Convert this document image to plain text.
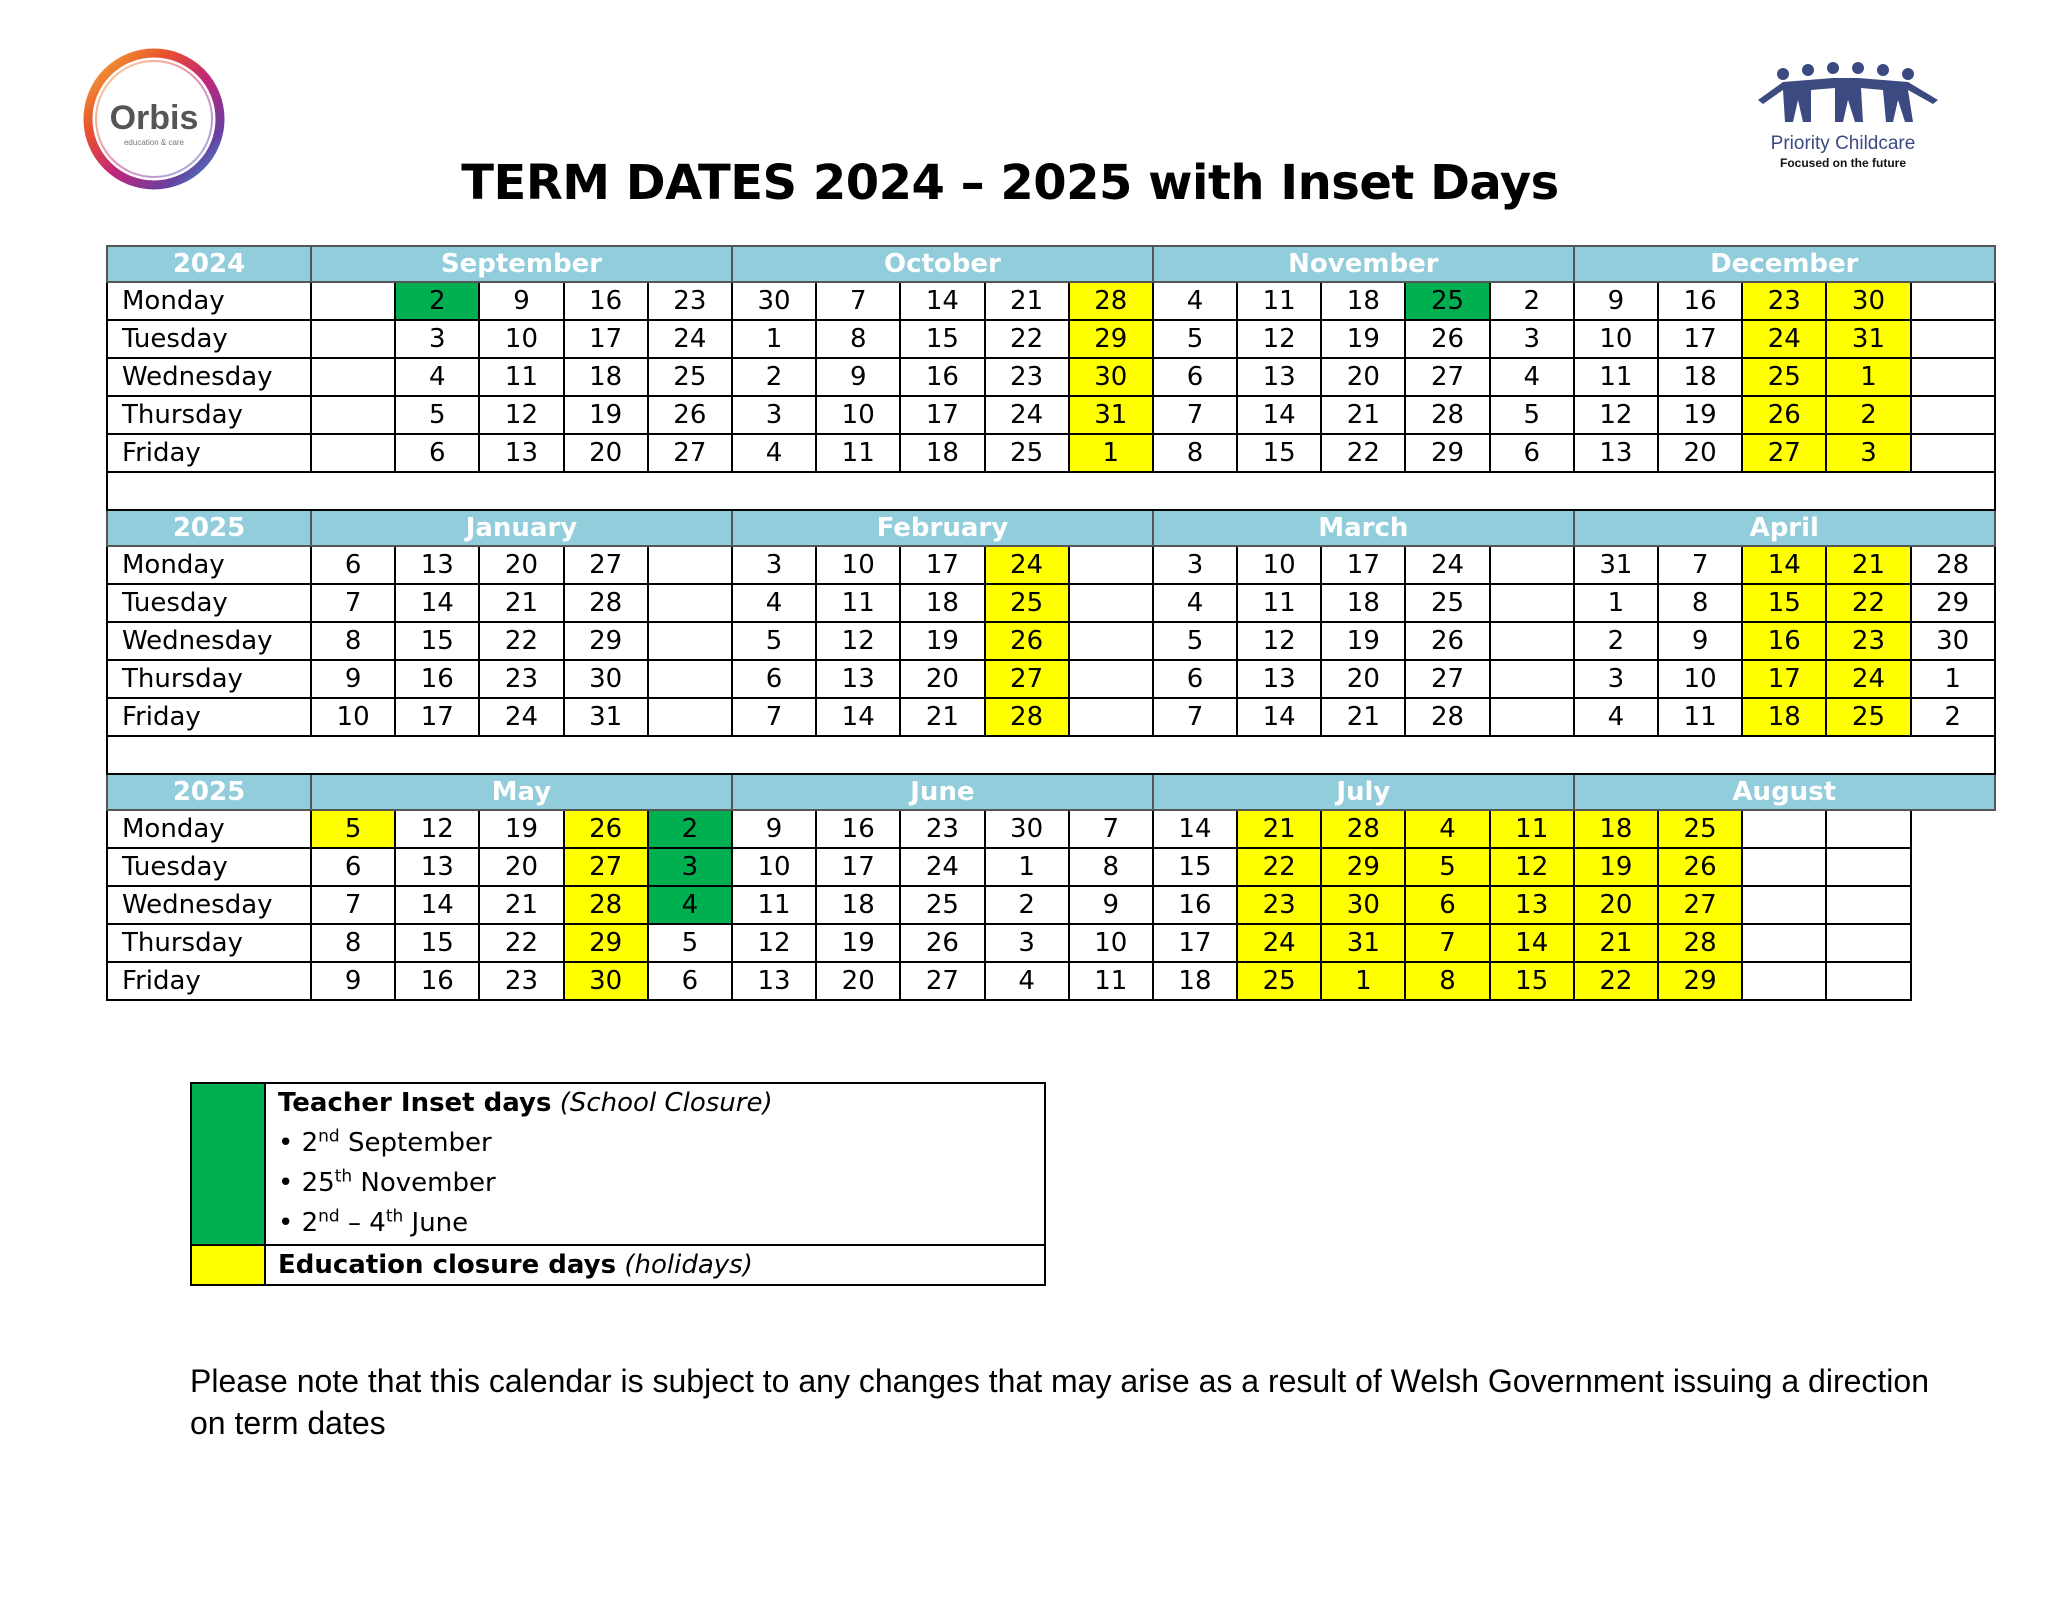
Orbis
education & care	Priority Childcare
Focused on the future
TERM DATES 2024 – 2025 with Inset Days
2024	September					October					November					December				
Monday		2	9	16	23	30	7	14	21	28	4	11	18	25	2	9	16	23	30	
Tuesday		3	10	17	24	1	8	15	22	29	5	12	19	26	3	10	17	24	31	
Wednesday		4	11	18	25	2	9	16	23	30	6	13	20	27	4	11	18	25	1	
Thursday		5	12	19	26	3	10	17	24	31	7	14	21	28	5	12	19	26	2	
Friday		6	13	20	27	4	11	18	25	1	8	15	22	29	6	13	20	27	3	

2025	January					February					March					April				
Monday	6	13	20	27		3	10	17	24		3	10	17	24		31	7	14	21	28
Tuesday	7	14	21	28		4	11	18	25		4	11	18	25		1	8	15	22	29
Wednesday	8	15	22	29		5	12	19	26		5	12	19	26		2	9	16	23	30
Thursday	9	16	23	30		6	13	20	27		6	13	20	27		3	10	17	24	1
Friday	10	17	24	31		7	14	21	28		7	14	21	28		4	11	18	25	2

2025	May					June					July					August				
Monday	5	12	19	26	2	9	16	23	30	7	14	21	28	4	11	18	25			
Tuesday	6	13	20	27	3	10	17	24	1	8	15	22	29	5	12	19	26			
Wednesday	7	14	21	28	4	11	18	25	2	9	16	23	30	6	13	20	27			
Thursday	8	15	22	29	5	12	19	26	3	10	17	24	31	7	14	21	28			
Friday	9	16	23	30	6	13	20	27	4	11	18	25	1	8	15	22	29			
Teacher Inset days (School Closure)
• 2nd September
• 25th November
• 2nd – 4th June
Education closure days (holidays)
Please note that this calendar is subject to any changes that may arise as a result of Welsh Government issuing a direction on term dates
